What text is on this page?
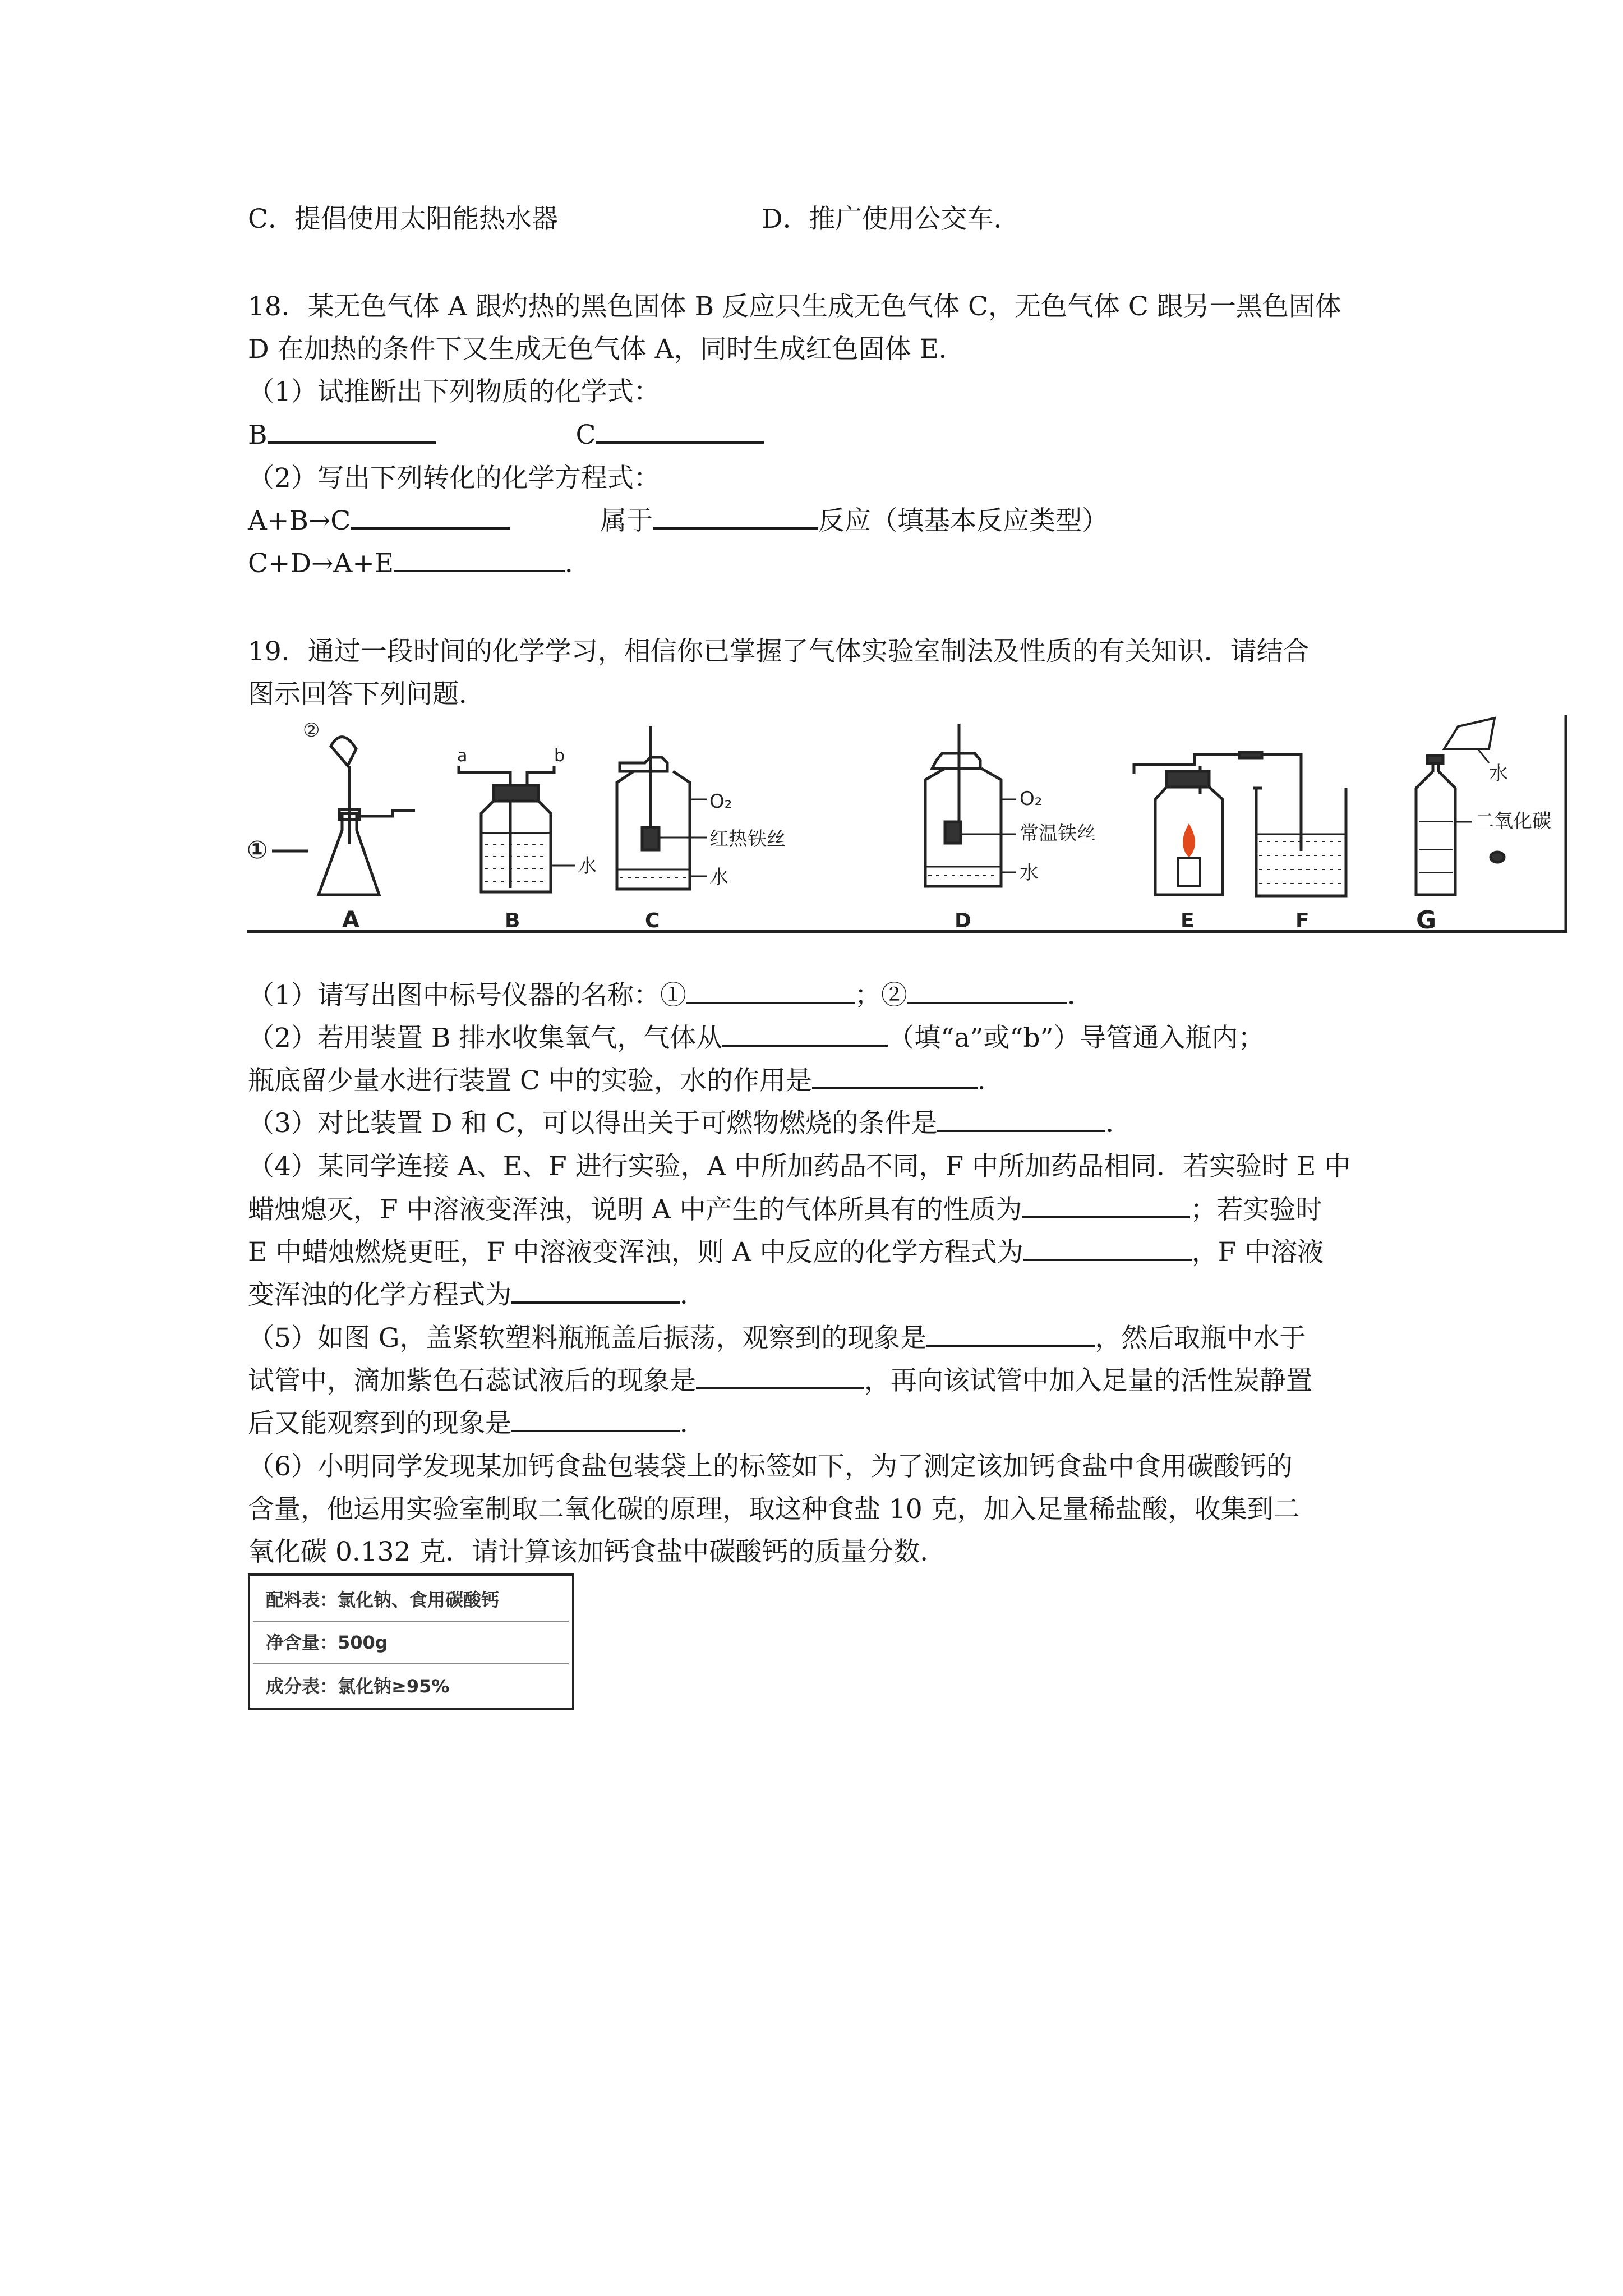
C．提倡使用太阳能热水器	D．推广使用公交车．
18．某无色气体 A 跟灼热的黑色固体 B 反应只生成无色气体 C，无色气体 C 跟另一黑色固体
D 在加热的条件下又生成无色气体 A，同时生成红色固体 E．
（1）试推断出下列物质的化学式：
B	C
（2）写出下列转化的化学方程式：
A+B→C	属于	反应（填基本反应类型）
C+D→A+E	．
19．通过一段时间的化学学习，相信你已掌握了气体实验室制法及性质的有关知识．请结合
图示回答下列问题．
①
②
A
a	b
水
B
O₂
红热铁丝
水
C
O₂
常温铁丝
水
D	E	F
水
二氧化碳
G
（1）请写出图中标号仪器的名称：①	；②	．
（2）若用装置 B 排水收集氧气，气体从	（填“a”或“b”）导管通入瓶内；
瓶底留少量水进行装置 C 中的实验，水的作用是	．
（3）对比装置 D 和 C，可以得出关于可燃物燃烧的条件是	．
（4）某同学连接 A、E、F 进行实验，A 中所加药品不同，F 中所加药品相同．若实验时 E 中
蜡烛熄灭，F 中溶液变浑浊，说明 A 中产生的气体所具有的性质为	；若实验时
E 中蜡烛燃烧更旺，F 中溶液变浑浊，则 A 中反应的化学方程式为	，F 中溶液
变浑浊的化学方程式为	．
（5）如图 G，盖紧软塑料瓶瓶盖后振荡，观察到的现象是	，然后取瓶中水于
试管中，滴加紫色石蕊试液后的现象是	，再向该试管中加入足量的活性炭静置
后又能观察到的现象是	．
（6）小明同学发现某加钙食盐包装袋上的标签如下，为了测定该加钙食盐中食用碳酸钙的
含量，他运用实验室制取二氧化碳的原理，取这种食盐 10 克，加入足量稀盐酸，收集到二
氧化碳 0.132 克．请计算该加钙食盐中碳酸钙的质量分数．
配料表：氯化钠、食用碳酸钙
净含量：500g
成分表：氯化钠≥95%
